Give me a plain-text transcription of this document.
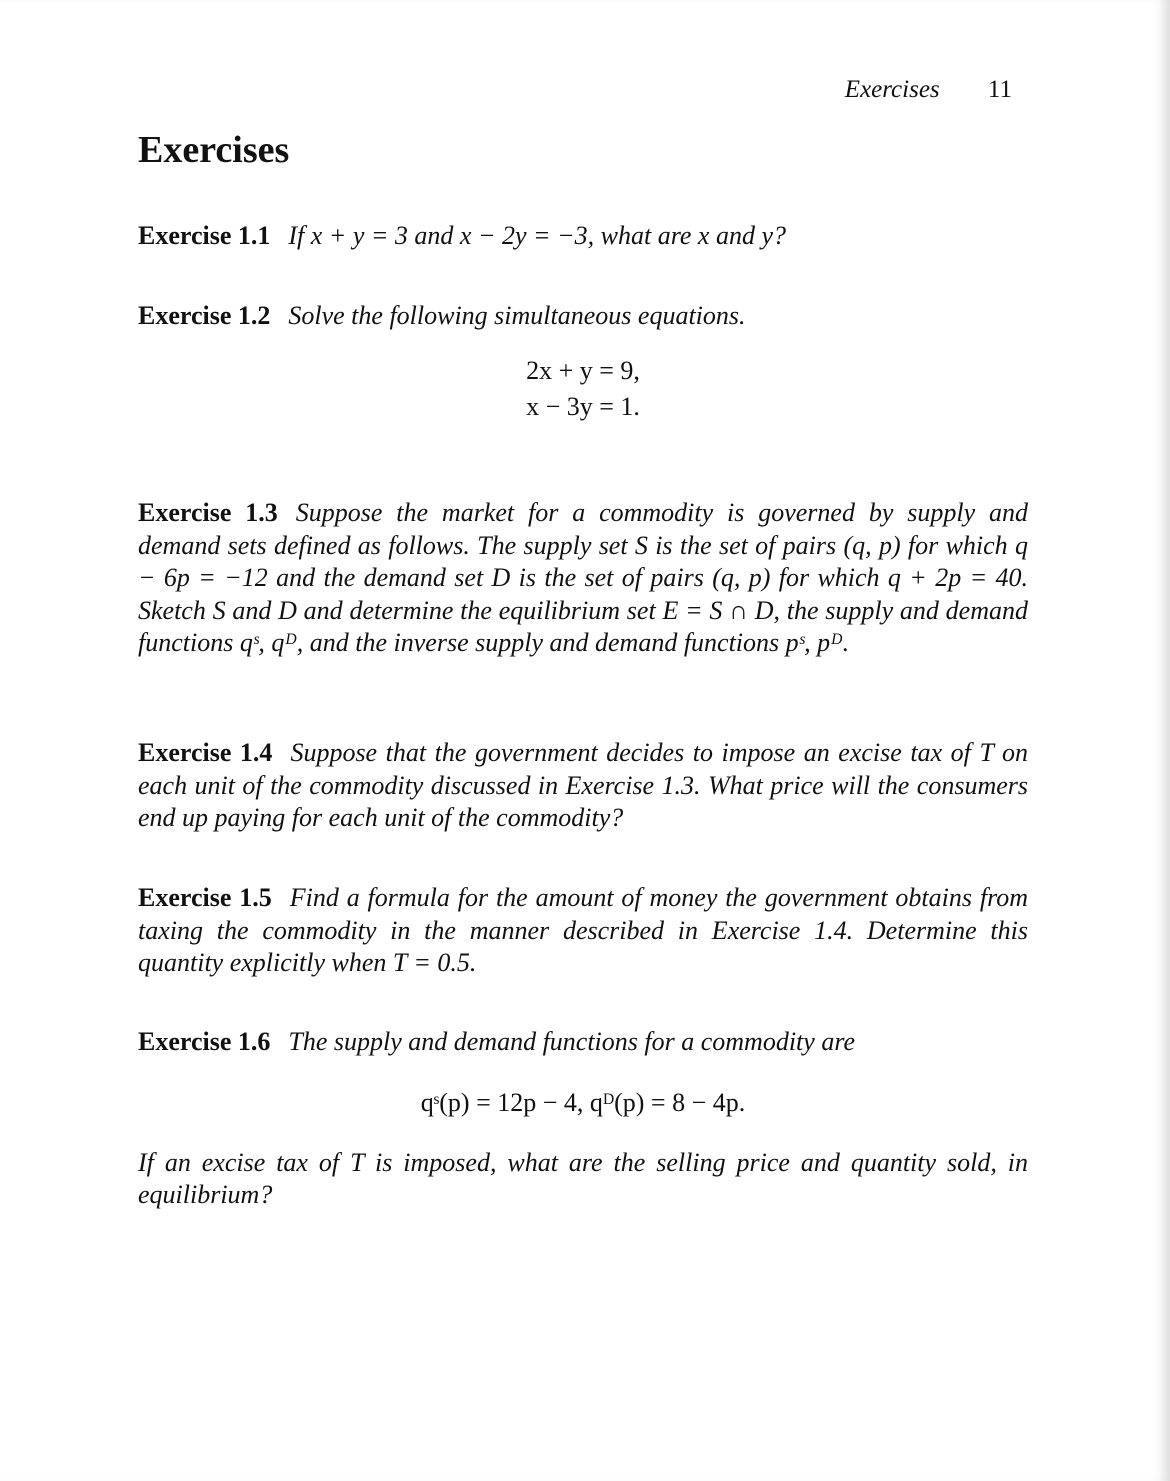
Exercises 11
Exercises
Exercise 1.1 If x + y = 3 and x − 2y = −3, what are x and y?
Exercise 1.2 Solve the following simultaneous equations.
2x + y = 9,
x − 3y = 1.
Exercise 1.3 Suppose the market for a commodity is governed by supply and demand sets defined as follows. The supply set S is the set of pairs (q, p) for which q − 6p = −12 and the demand set D is the set of pairs (q, p) for which q + 2p = 40. Sketch S and D and determine the equilibrium set E = S ∩ D, the supply and demand functions qˢ, qᴰ, and the inverse supply and demand functions pˢ, pᴰ.
Exercise 1.4 Suppose that the government decides to impose an excise tax of T on each unit of the commodity discussed in Exercise 1.3. What price will the consumers end up paying for each unit of the commodity?
Exercise 1.5 Find a formula for the amount of money the government obtains from taxing the commodity in the manner described in Exercise 1.4. Determine this quantity explicitly when T = 0.5.
Exercise 1.6 The supply and demand functions for a commodity are
qˢ(p) = 12p − 4, qᴰ(p) = 8 − 4p.
If an excise tax of T is imposed, what are the selling price and quantity sold, in equilibrium?
